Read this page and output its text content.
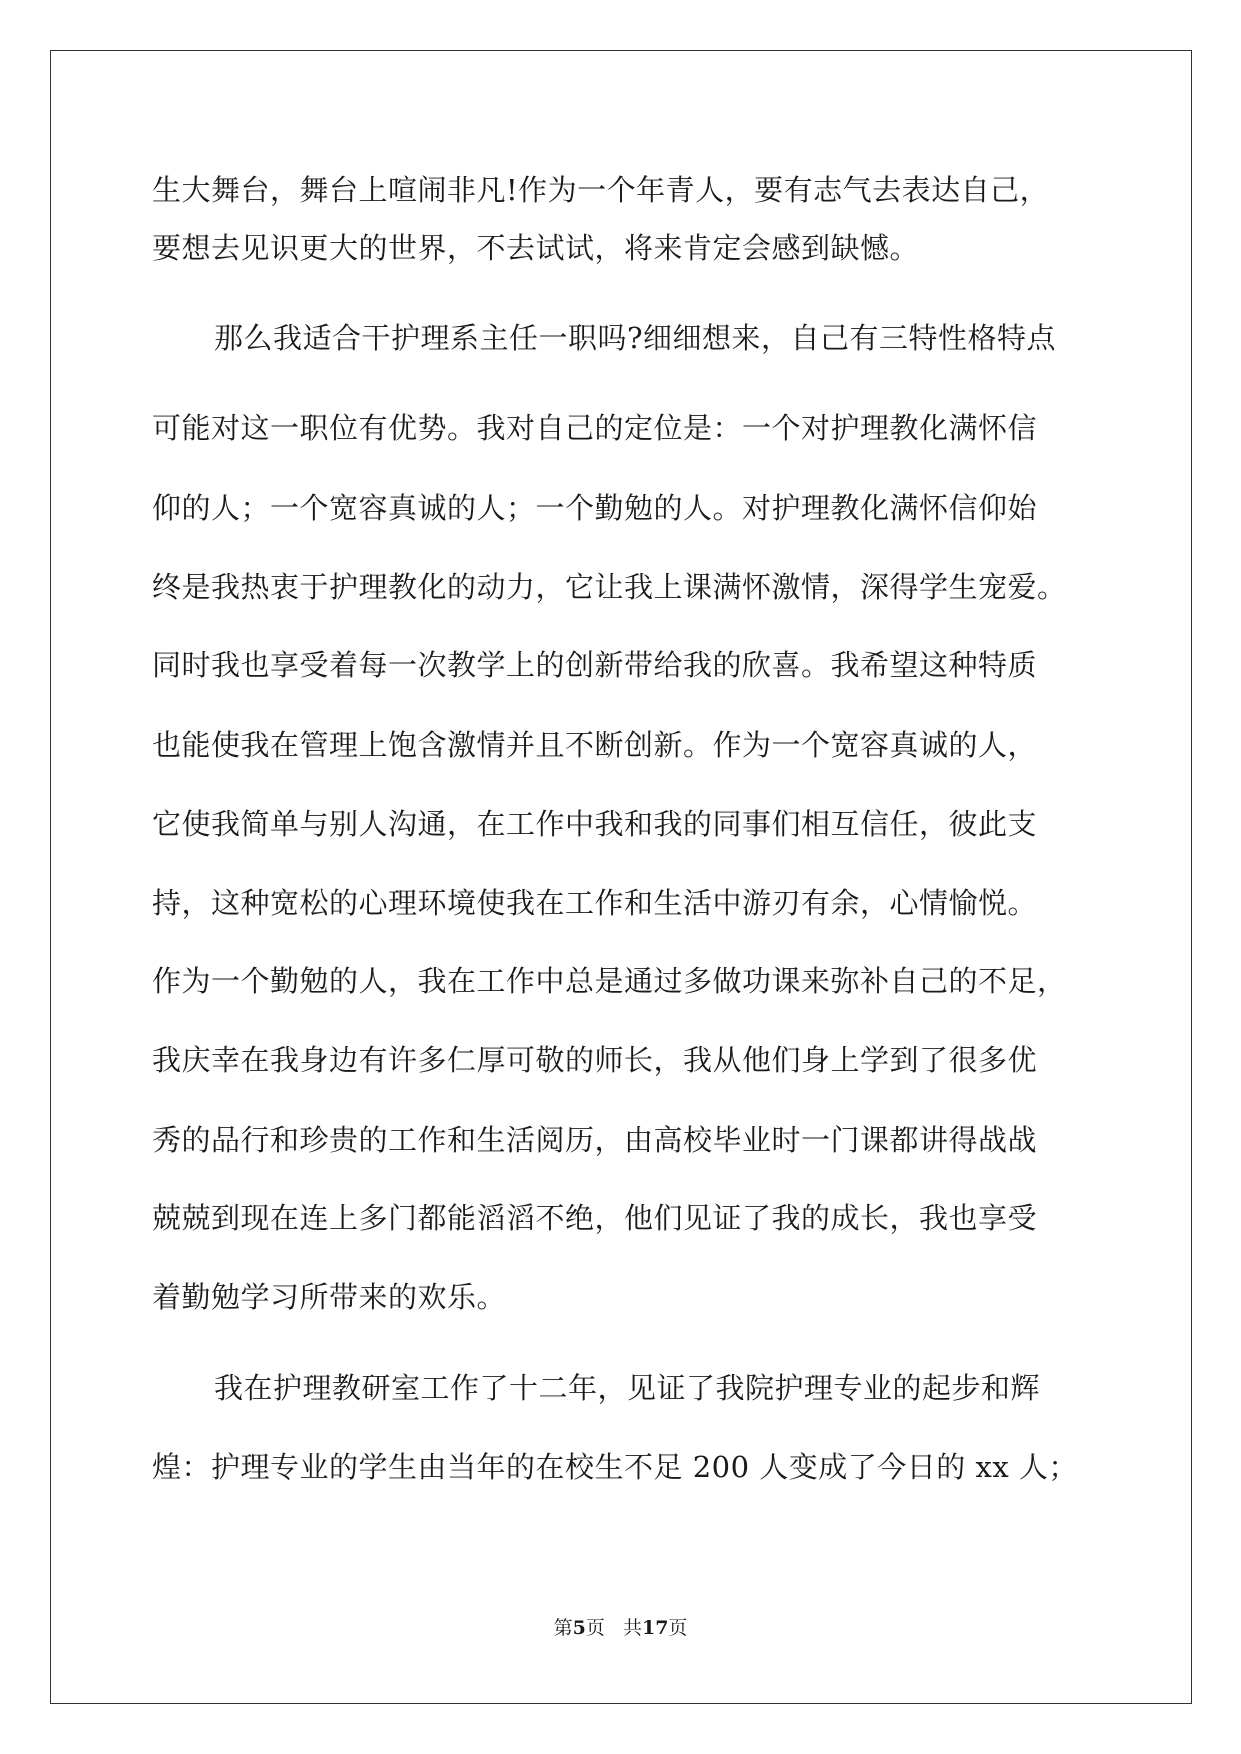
生大舞台，舞台上喧闹非凡!作为一个年青人，要有志气去表达自己，
要想去见识更大的世界，不去试试，将来肯定会感到缺憾。
那么我适合干护理系主任一职吗?细细想来，自己有三特性格特点
可能对这一职位有优势。我对自己的定位是：一个对护理教化满怀信
仰的人；一个宽容真诚的人；一个勤勉的人。对护理教化满怀信仰始
终是我热衷于护理教化的动力，它让我上课满怀激情，深得学生宠爱。
同时我也享受着每一次教学上的创新带给我的欣喜。我希望这种特质
也能使我在管理上饱含激情并且不断创新。作为一个宽容真诚的人，
它使我简单与别人沟通，在工作中我和我的同事们相互信任，彼此支
持，这种宽松的心理环境使我在工作和生活中游刃有余，心情愉悦。
作为一个勤勉的人，我在工作中总是通过多做功课来弥补自己的不足，
我庆幸在我身边有许多仁厚可敬的师长，我从他们身上学到了很多优
秀的品行和珍贵的工作和生活阅历，由高校毕业时一门课都讲得战战
兢兢到现在连上多门都能滔滔不绝，他们见证了我的成长，我也享受
着勤勉学习所带来的欢乐。
我在护理教研室工作了十二年，见证了我院护理专业的起步和辉
煌：护理专业的学生由当年的在校生不足 200 人变成了今日的 xx 人；
第5页 共17页
